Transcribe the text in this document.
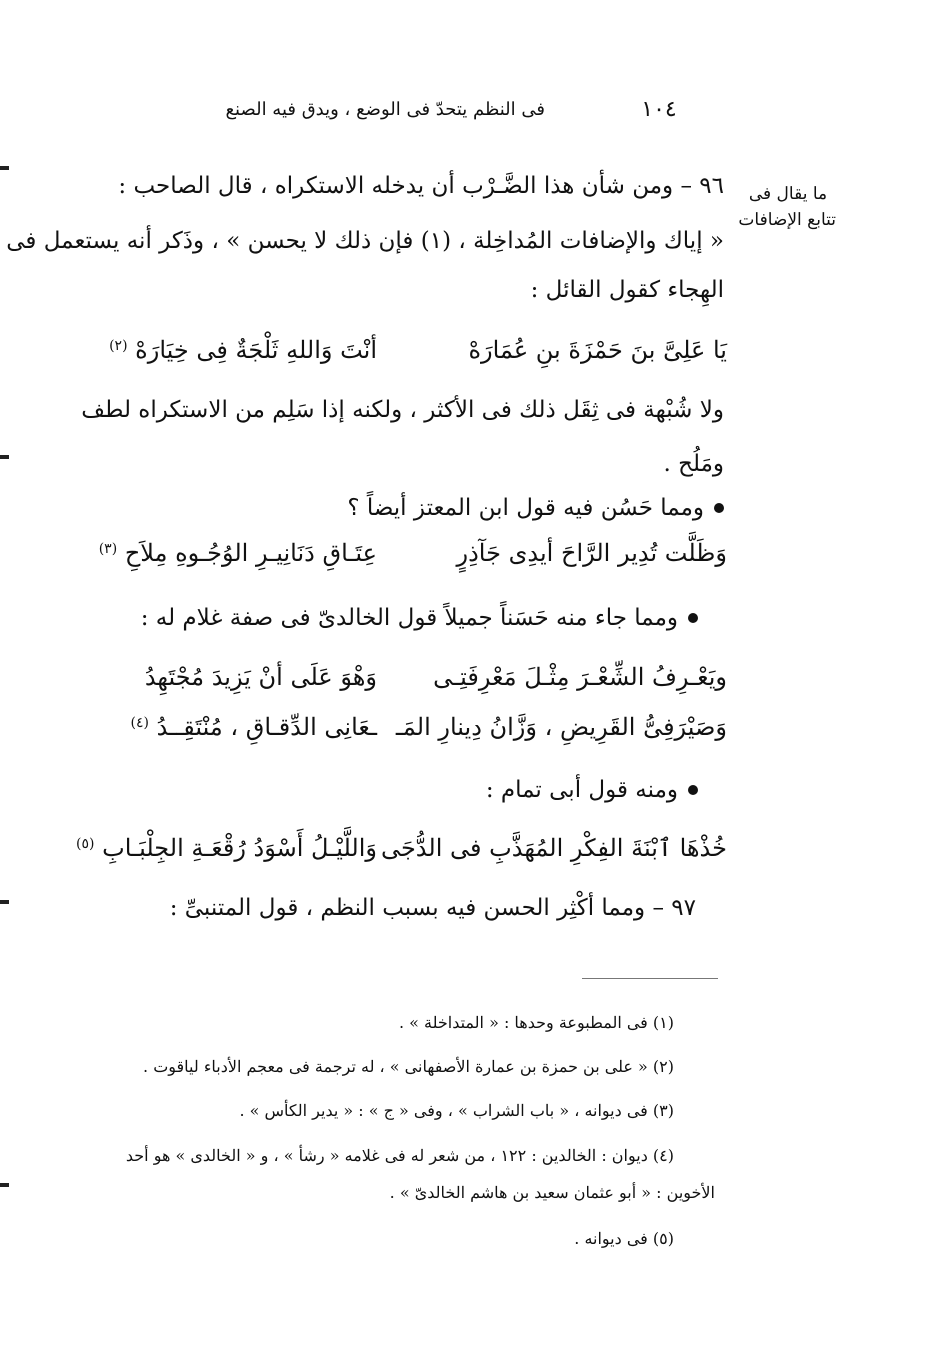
فى النظم يتحدّ فى الوضع ، ويدق فيه الصنع	١٠٤
ما يقال فى
تتابع الإضافات
٩٦ – ومن شأن هذا الضَّـرْب أن يدخله الاستكراه ، قال الصاحب :
« إياك والإضافات المُداخِلة ، (١) فإن ذلك لا يحسن » ، وذَكر أنه يستعمل فى
الهِجاء كقول القائل :
يَا عَلِىَّ بنَ حَمْزَةَ بنِ عُمَارَهْ
أنْتَ وَاللهِ ثَلْجَةٌ فِى خِيَارَهْ $^{(٢)}$
ولا شُبْهة فى ثِقَل ذلك فى الأكثر ، ولكنه إذا سَلِم من الاستكراه لطف
ومَلُح .
ومما حَسُن فيه قول ابن المعتز أيضاً ؟
وَظَلَّت تُدِير الرَّاحَ أيدِى جَآذِرٍ
عِتَـاقِ دَنَانِيـرِ الوُجُـوهِ مِلاَحِ $^{(٣)}$
ومما جاء منه حَسَناً جميلاً قول الخالدىّ فى صفة غلام له :
ويَعْـرِفُ الشِّعْـرَ مِثْـلَ مَعْرِفَتِـى
وَهْوَ عَلَى أنْ يَزِيدَ مُجْتَهِدُ
وَصَيْرَفِىُّ القَرِيضِ ، وَزَّانُ دِينارِ المَـ
ـعَانِى الدِّقـاقِ ، مُنْتَقِــدُ $^{(٤)}$
ومنه قول أبى تمام :
خُذْهَا ٱبْنَةَ الفِكْرِ المُهَذَّبِ فى الدُّجَى
وَاللَّيْـلُ أَسْوَدُ رُقْعَـةِ الجِلْبَـابِ $^{(٥)}$
٩٧ – ومما أكْثِر الحسن فيه بسبب النظم ، قول المتنبىِّ :
(١) فى المطبوعة وحدها : « المتداخلة » .
(٢) « على بن حمزة بن عمارة الأصفهانى » ، له ترجمة فى معجم الأدباء لياقوت .
(٣) فى ديوانه ، « باب الشراب » ، وفى « ج » : « يدير الكأس » .
(٤) ديوان : الخالدين : ١٢٢ ، من شعر له فى غلامه « رشأ » ، و « الخالدى » هو أحد
الأخوين : « أبو عثمان سعيد بن هاشم الخالدىّ » .
(٥) فى ديوانه .
